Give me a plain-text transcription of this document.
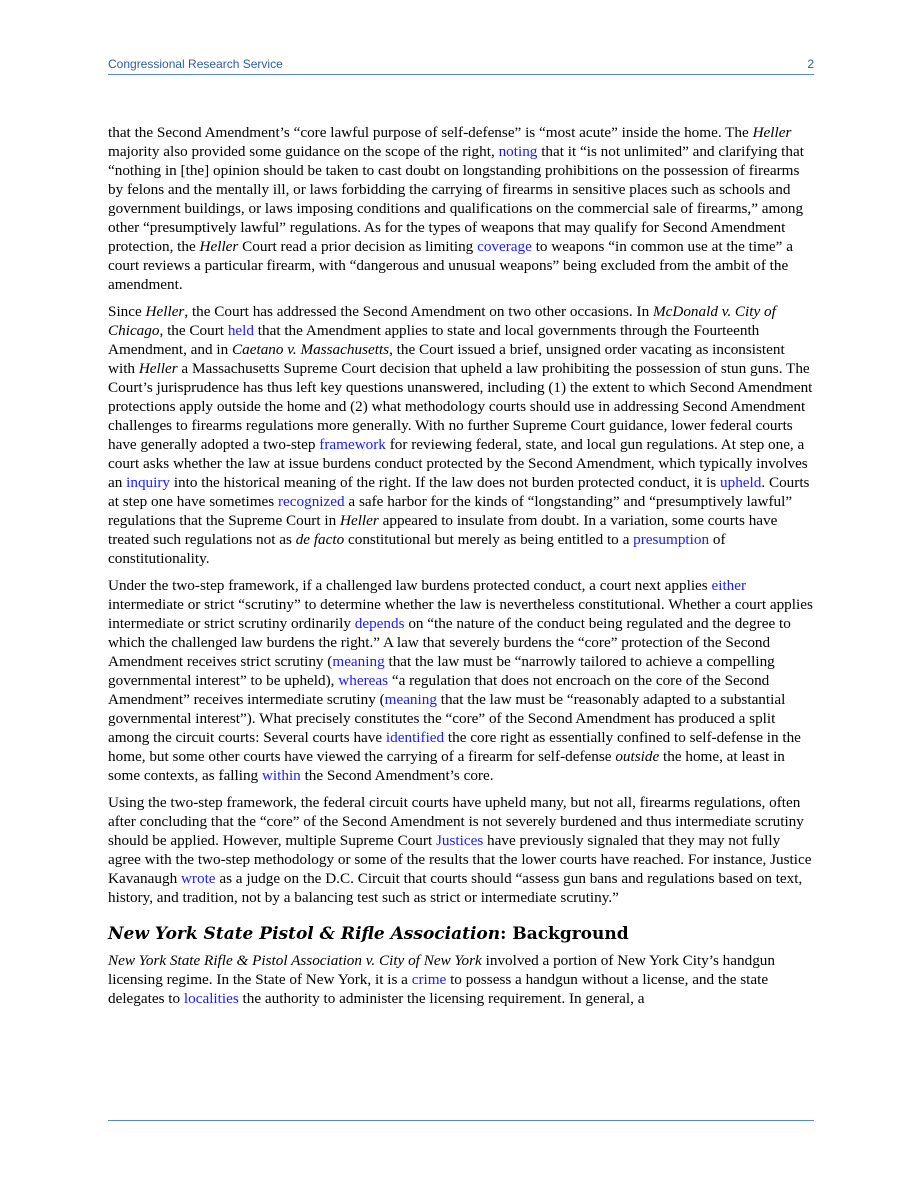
Congressional Research Service	2

that the Second Amendment’s “core lawful purpose of self-defense” is “most acute” inside the home. The Heller majority also provided some guidance on the scope of the right, noting that it “is not unlimited” and clarifying that “nothing in [the] opinion should be taken to cast doubt on longstanding prohibitions on the possession of firearms by felons and the mentally ill, or laws forbidding the carrying of firearms in sensitive places such as schools and government buildings, or laws imposing conditions and qualifications on the commercial sale of firearms,” among other “presumptively lawful” regulations. As for the types of weapons that may qualify for Second Amendment protection, the Heller Court read a prior decision as limiting coverage to weapons “in common use at the time” a court reviews a particular firearm, with “dangerous and unusual weapons” being excluded from the ambit of the amendment.

Since Heller, the Court has addressed the Second Amendment on two other occasions. In McDonald v. City of Chicago, the Court held that the Amendment applies to state and local governments through the Fourteenth Amendment, and in Caetano v. Massachusetts, the Court issued a brief, unsigned order vacating as inconsistent with Heller a Massachusetts Supreme Court decision that upheld a law prohibiting the possession of stun guns. The Court’s jurisprudence has thus left key questions unanswered, including (1) the extent to which Second Amendment protections apply outside the home and (2) what methodology courts should use in addressing Second Amendment challenges to firearms regulations more generally. With no further Supreme Court guidance, lower federal courts have generally adopted a two-step framework for reviewing federal, state, and local gun regulations. At step one, a court asks whether the law at issue burdens conduct protected by the Second Amendment, which typically involves an inquiry into the historical meaning of the right. If the law does not burden protected conduct, it is upheld. Courts at step one have sometimes recognized a safe harbor for the kinds of “longstanding” and “presumptively lawful” regulations that the Supreme Court in Heller appeared to insulate from doubt. In a variation, some courts have treated such regulations not as de facto constitutional but merely as being entitled to a presumption of constitutionality.

Under the two-step framework, if a challenged law burdens protected conduct, a court next applies either intermediate or strict “scrutiny” to determine whether the law is nevertheless constitutional. Whether a court applies intermediate or strict scrutiny ordinarily depends on “the nature of the conduct being regulated and the degree to which the challenged law burdens the right.” A law that severely burdens the “core” protection of the Second Amendment receives strict scrutiny (meaning that the law must be “narrowly tailored to achieve a compelling governmental interest” to be upheld), whereas “a regulation that does not encroach on the core of the Second Amendment” receives intermediate scrutiny (meaning that the law must be “reasonably adapted to a substantial governmental interest”). What precisely constitutes the “core” of the Second Amendment has produced a split among the circuit courts: Several courts have identified the core right as essentially confined to self-defense in the home, but some other courts have viewed the carrying of a firearm for self-defense outside the home, at least in some contexts, as falling within the Second Amendment’s core.

Using the two-step framework, the federal circuit courts have upheld many, but not all, firearms regulations, often after concluding that the “core” of the Second Amendment is not severely burdened and thus intermediate scrutiny should be applied. However, multiple Supreme Court Justices have previously signaled that they may not fully agree with the two-step methodology or some of the results that the lower courts have reached. For instance, Justice Kavanaugh wrote as a judge on the D.C. Circuit that courts should “assess gun bans and regulations based on text, history, and tradition, not by a balancing test such as strict or intermediate scrutiny.”

New York State Pistol & Rifle Association: Background

New York State Rifle & Pistol Association v. City of New York involved a portion of New York City’s handgun licensing regime. In the State of New York, it is a crime to possess a handgun without a license, and the state delegates to localities the authority to administer the licensing requirement. In general, a
